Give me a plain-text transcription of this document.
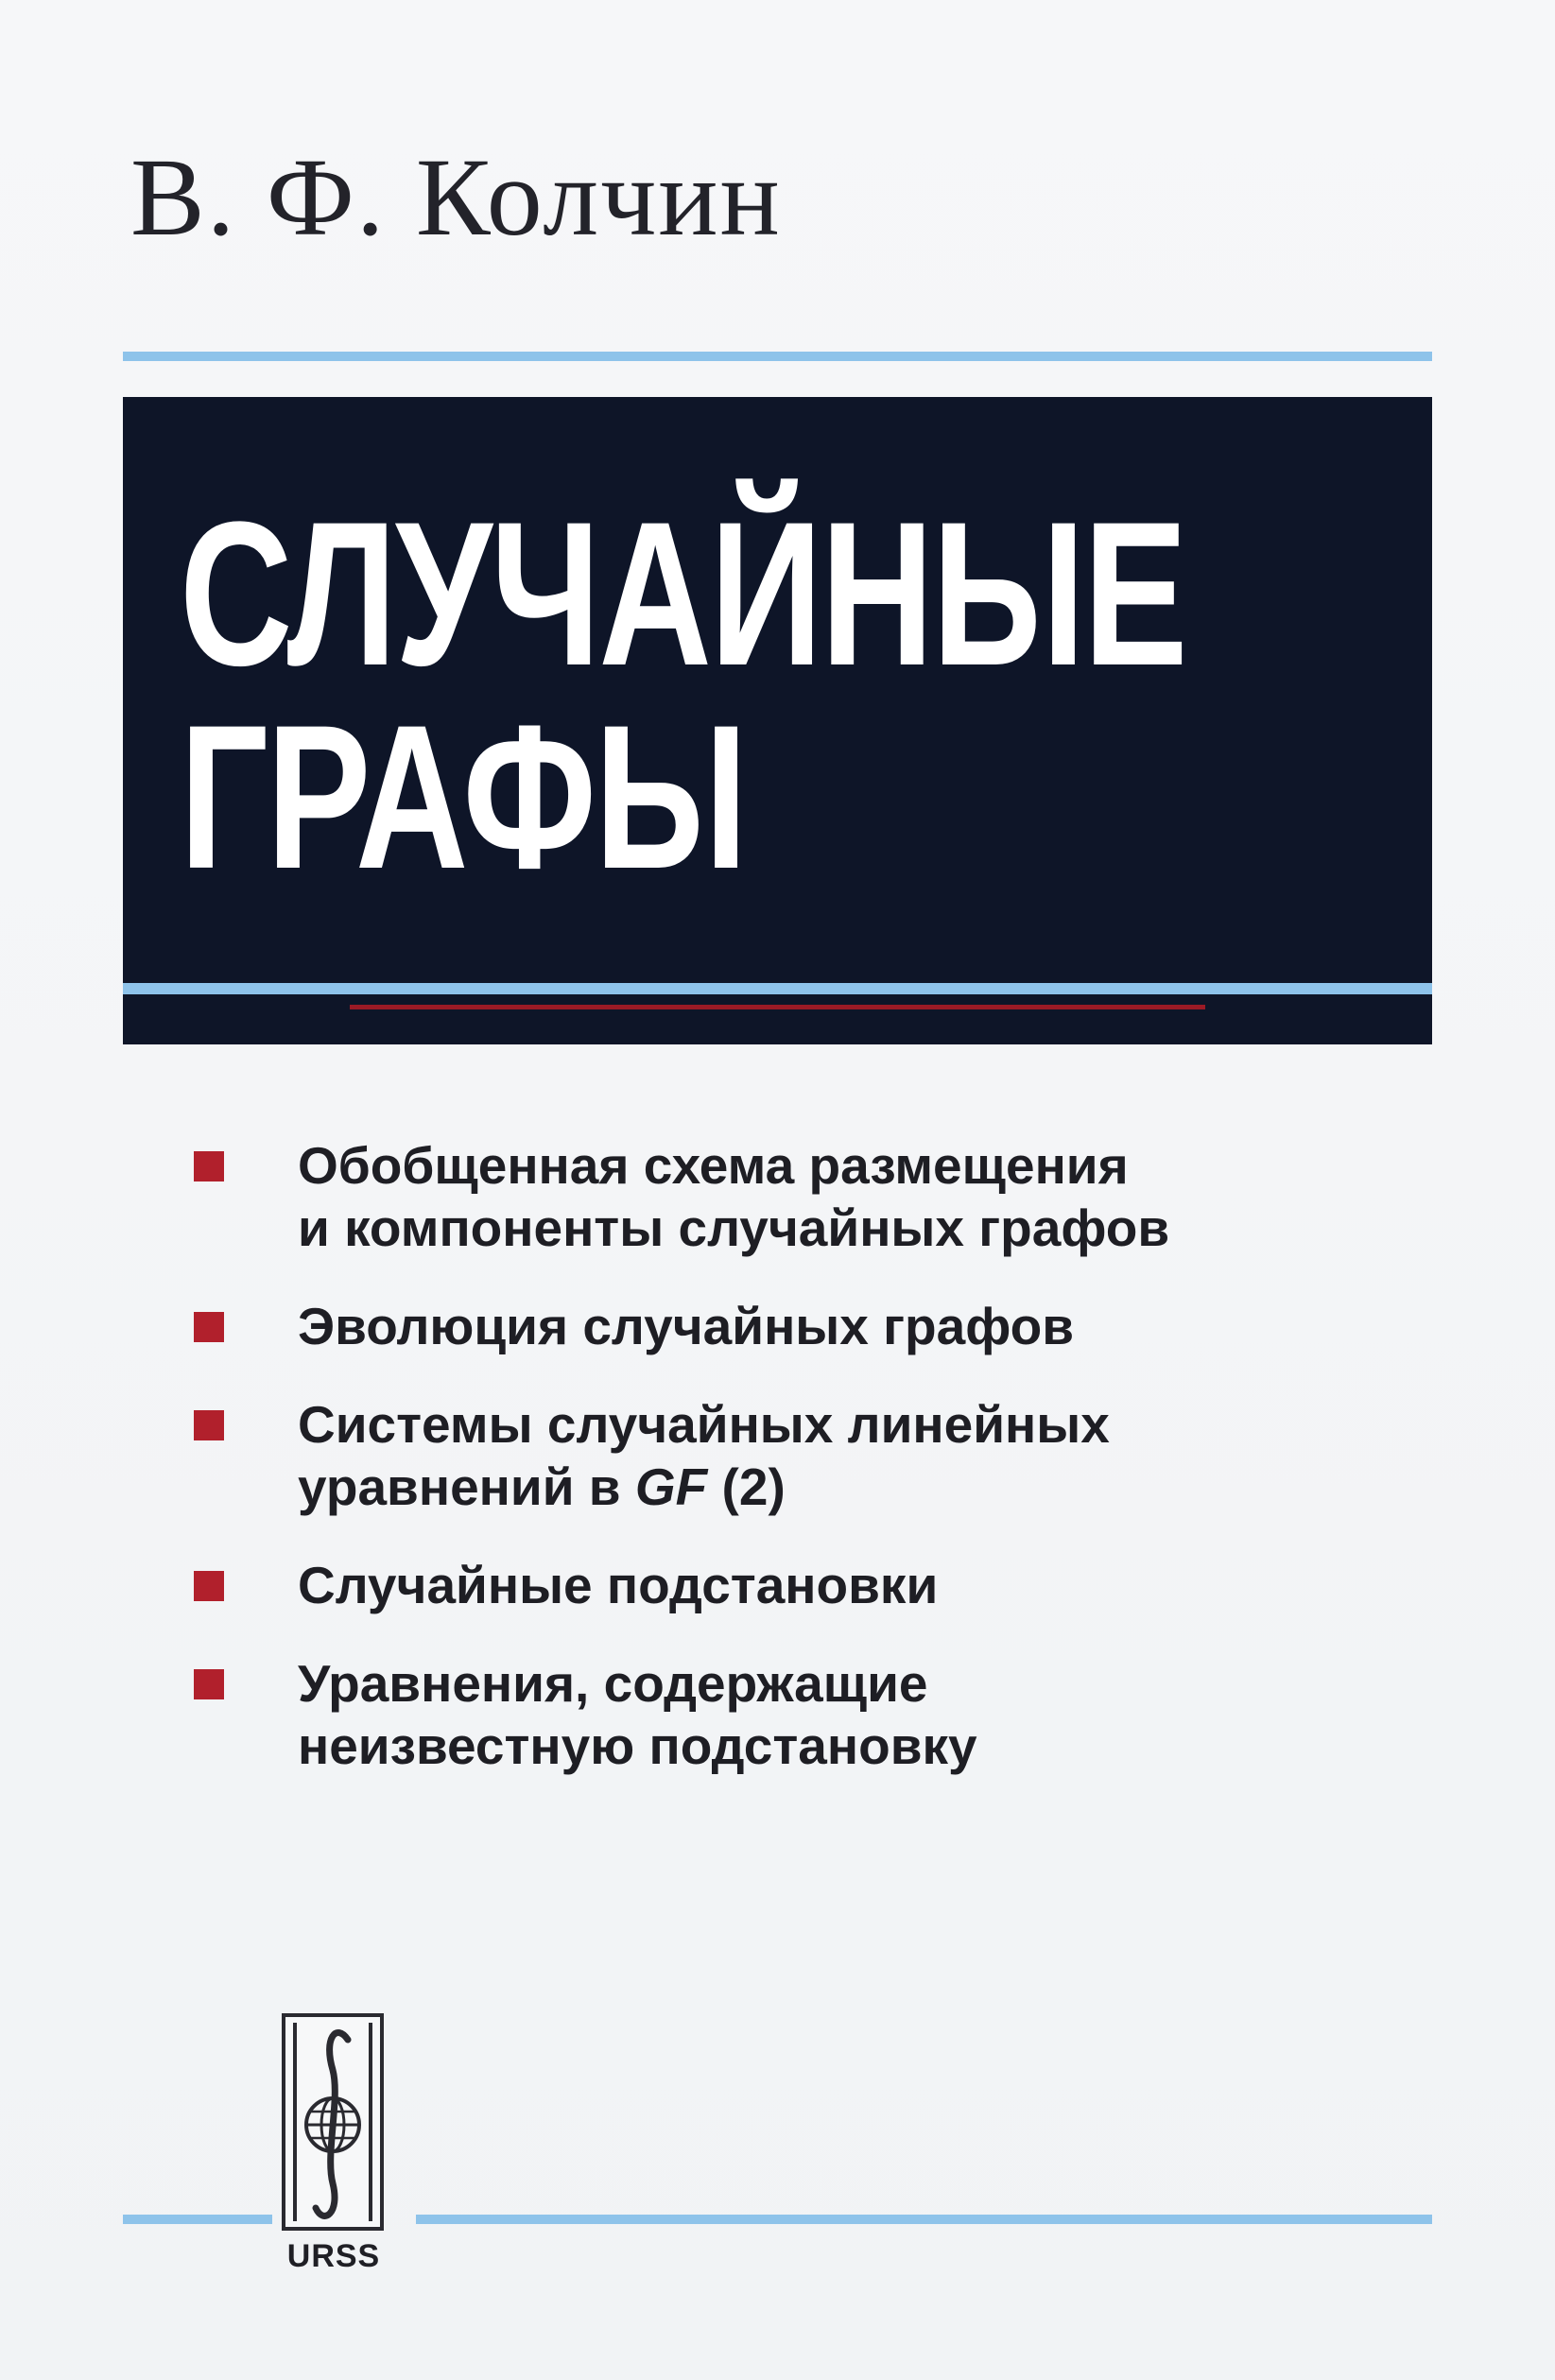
В. Ф. Колчин
СЛУЧАЙНЫЕ
ГРАФЫ
Обобщенная схема размещения
и компоненты случайных графов
Эволюция случайных графов
Системы случайных линейных
уравнений в GF (2)
Случайные подстановки
Уравнения, содержащие
неизвестную подстановку
URSS
